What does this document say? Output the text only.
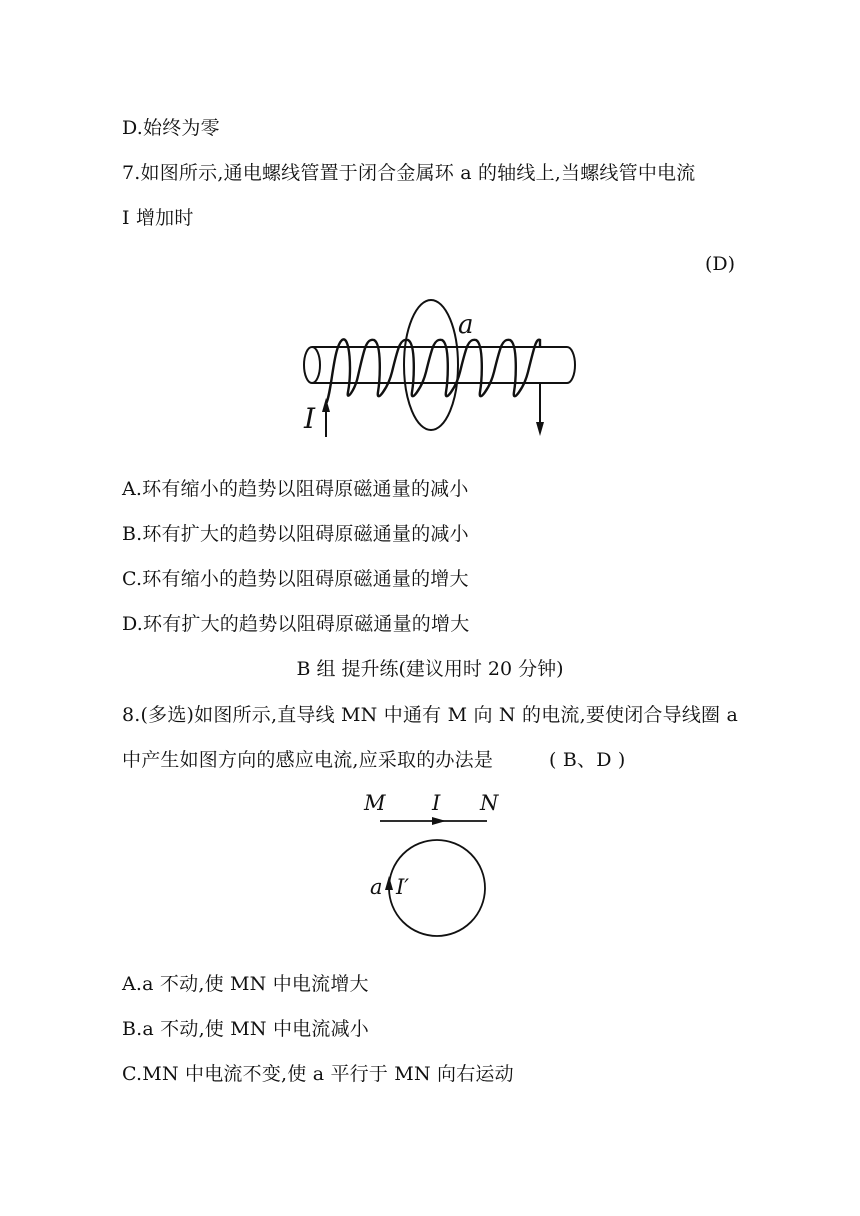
D.始终为零
7.如图所示,通电螺线管置于闭合金属环 a 的轴线上,当螺线管中电流
I 增加时
(D)
a
I
A.环有缩小的趋势以阻碍原磁通量的减小
B.环有扩大的趋势以阻碍原磁通量的减小
C.环有缩小的趋势以阻碍原磁通量的增大
D.环有扩大的趋势以阻碍原磁通量的增大
B 组 提升练(建议用时 20 分钟)
8.(多选)如图所示,直导线 MN 中通有 M 向 N 的电流,要使闭合导线圈 a
中产生如图方向的感应电流,应采取的办法是	( B、D )
M I N
a I′
A.a 不动,使 MN 中电流增大
B.a 不动,使 MN 中电流减小
C.MN 中电流不变,使 a 平行于 MN 向右运动
